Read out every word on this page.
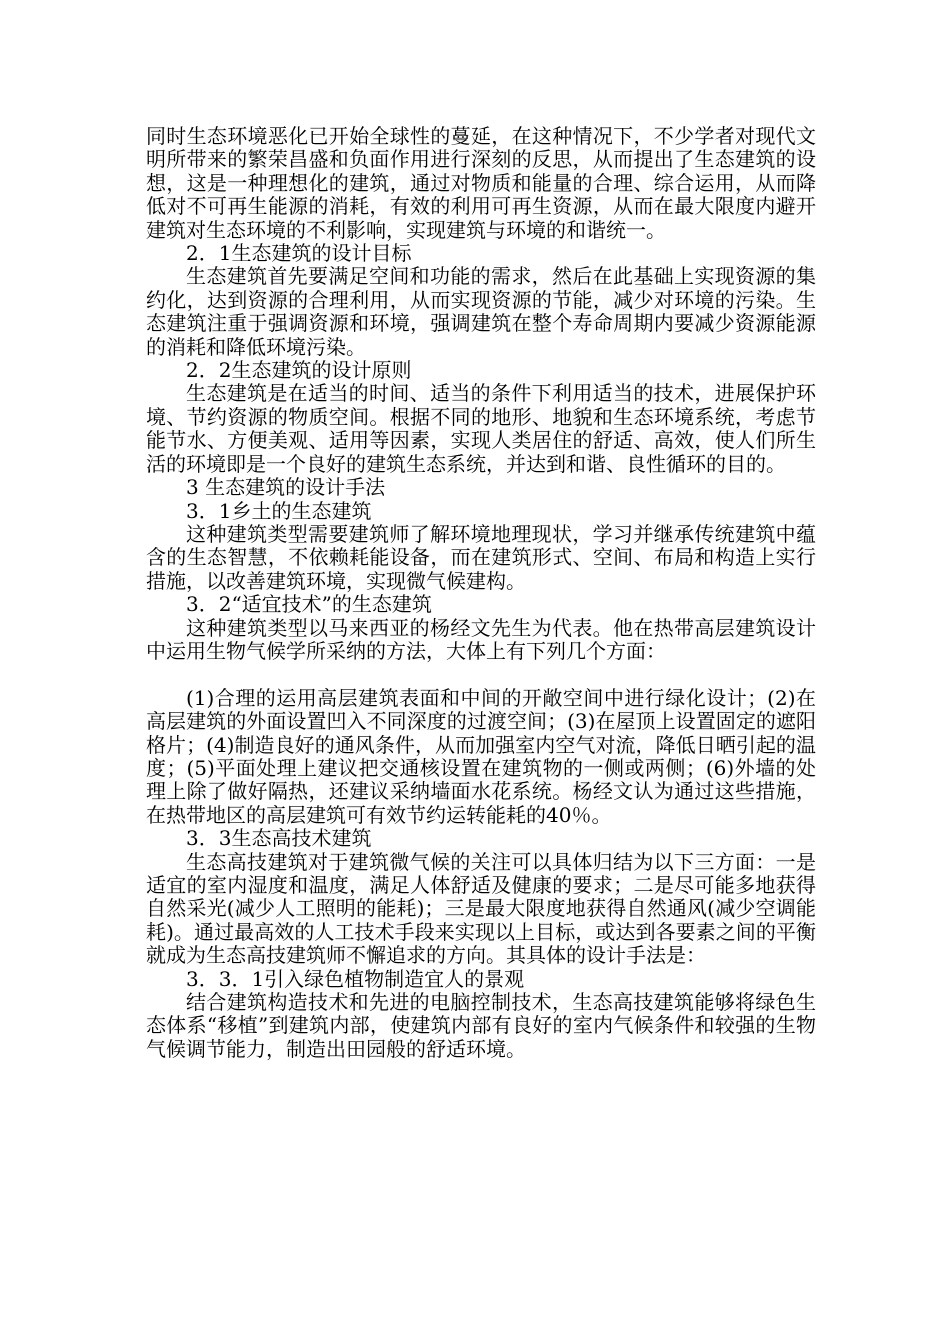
同时生态环境恶化已开始全球性的蔓延，在这种情况下，不少学者对现代文明所带来的繁荣昌盛和负面作用进行深刻的反思，从而提出了生态建筑的设想，这是一种理想化的建筑，通过对物质和能量的合理、综合运用，从而降低对不可再生能源的消耗，有效的利用可再生资源，从而在最大限度内避开建筑对生态环境的不利影响，实现建筑与环境的和谐统一。

2．1生态建筑的设计目标

生态建筑首先要满足空间和功能的需求，然后在此基础上实现资源的集约化，达到资源的合理利用，从而实现资源的节能，减少对环境的污染。生态建筑注重于强调资源和环境，强调建筑在整个寿命周期内要减少资源能源的消耗和降低环境污染。

2．2生态建筑的设计原则

生态建筑是在适当的时间、适当的条件下利用适当的技术，进展保护环境、节约资源的物质空间。根据不同的地形、地貌和生态环境系统，考虑节能节水、方便美观、适用等因素，实现人类居住的舒适、高效，使人们所生活的环境即是一个良好的建筑生态系统，并达到和谐、良性循环的目的。

3 生态建筑的设计手法
3．1乡土的生态建筑

这种建筑类型需要建筑师了解环境地理现状，学习并继承传统建筑中蕴含的生态智慧，不依赖耗能设备，而在建筑形式、空间、布局和构造上实行措施，以改善建筑环境，实现微气候建构。

3．2“适宜技术”的生态建筑

这种建筑类型以马来西亚的杨经文先生为代表。他在热带高层建筑设计中运用生物气候学所采纳的方法，大体上有下列几个方面：

(1)合理的运用高层建筑表面和中间的开敞空间中进行绿化设计；(2)在高层建筑的外面设置凹入不同深度的过渡空间；(3)在屋顶上设置固定的遮阳格片；(4)制造良好的通风条件，从而加强室内空气对流，降低日晒引起的温度；(5)平面处理上建议把交通核设置在建筑物的一侧或两侧；(6)外墙的处理上除了做好隔热，还建议采纳墙面水花系统。杨经文认为通过这些措施，在热带地区的高层建筑可有效节约运转能耗的40％。

3．3生态高技术建筑

生态高技建筑对于建筑微气候的关注可以具体归结为以下三方面：一是适宜的室内湿度和温度，满足人体舒适及健康的要求；二是尽可能多地获得自然采光(减少人工照明的能耗)；三是最大限度地获得自然通风(减少空调能耗)。通过最高效的人工技术手段来实现以上目标，或达到各要素之间的平衡就成为生态高技建筑师不懈追求的方向。其具体的设计手法是：

3．3．1引入绿色植物制造宜人的景观

结合建筑构造技术和先进的电脑控制技术，生态高技建筑能够将绿色生态体系“移植”到建筑内部，使建筑内部有良好的室内气候条件和较强的生物气候调节能力，制造出田园般的舒适环境。
